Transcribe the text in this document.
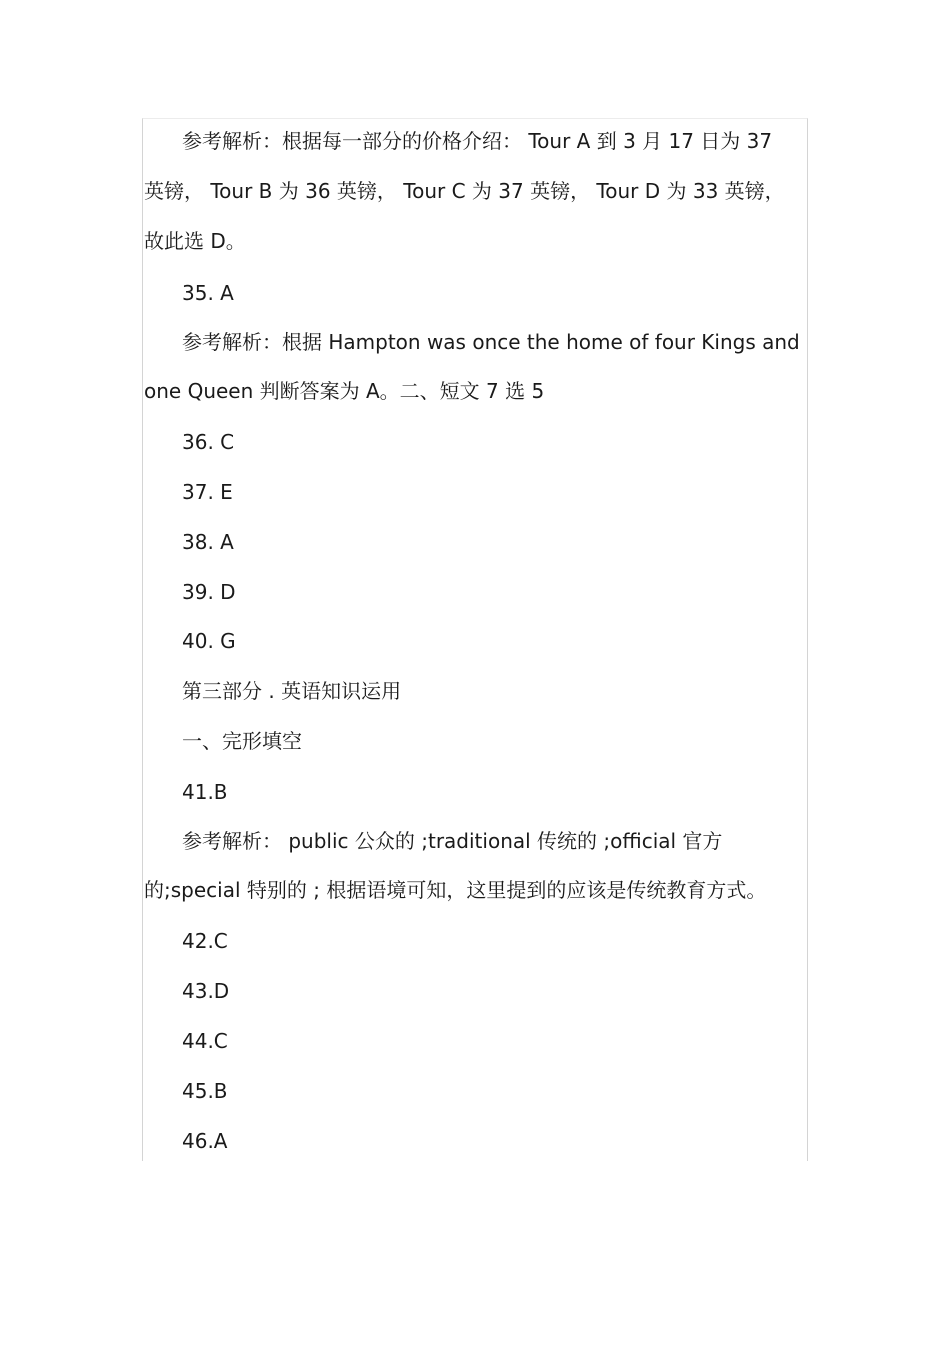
参考解析：根据每一部分的价格介绍： Tour A 到 3 月 17 日为 37

英镑， Tour B 为 36 英镑， Tour C 为 37 英镑， Tour D 为 33 英镑，

故此选 D。

35. A

参考解析：根据 Hampton was once the home of four Kings and

one Queen 判断答案为 A。二、短文 7 选 5

36. C

37. E

38. A

39. D

40. G

第三部分 . 英语知识运用

一、完形填空

41.B

参考解析： public 公众的 ;traditional 传统的 ;official 官方

的;special 特别的 ; 根据语境可知，这里提到的应该是传统教育方式。

42.C

43.D

44.C

45.B

46.A
